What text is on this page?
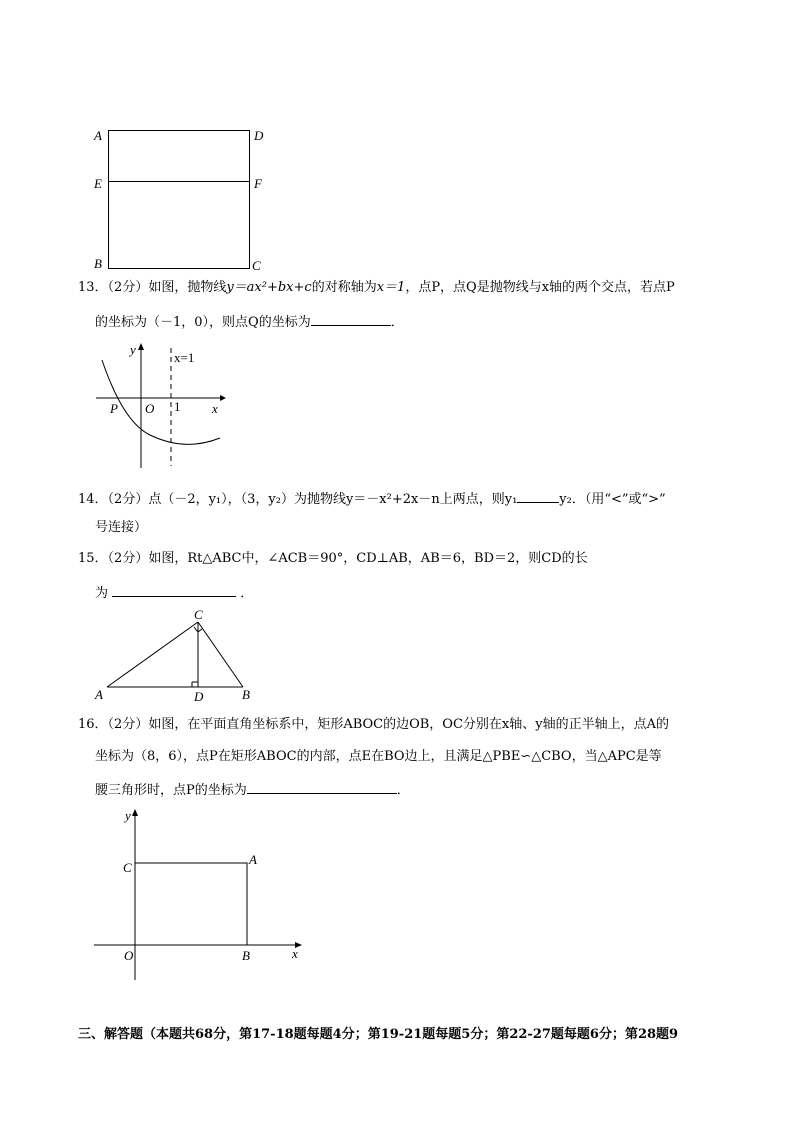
A	D
E	F
B	C
13．（2分）如图，抛物线y＝ax²+bx+c的对称轴为x＝1，点P，点Q是抛物线与x轴的两个交点，若点P
的坐标为（－1，0），则点Q的坐标为	．
y
x=1
P O 1 x
14．（2分）点（－2，y₁），（3，y₂）为抛物线y＝－x²+2x－n上两点，则y₁	y₂．（用“<”或“>”
号连接）
15．（2分）如图，Rt△ABC中，∠ACB＝90°，CD⊥AB，AB＝6，BD＝2，则CD的长
为	．
C
A	D	B
16．（2分）如图，在平面直角坐标系中，矩形ABOC的边OB，OC分别在x轴、y轴的正半轴上，点A的
坐标为（8，6），点P在矩形ABOC的内部，点E在BO边上，且满足△PBE∽△CBO，当△APC是等
腰三角形时，点P的坐标为	．
y
C
A
O	B	x
三、解答题（本题共68分，第17-18题每题4分；第19-21题每题5分；第22-27题每题6分；第28题9
